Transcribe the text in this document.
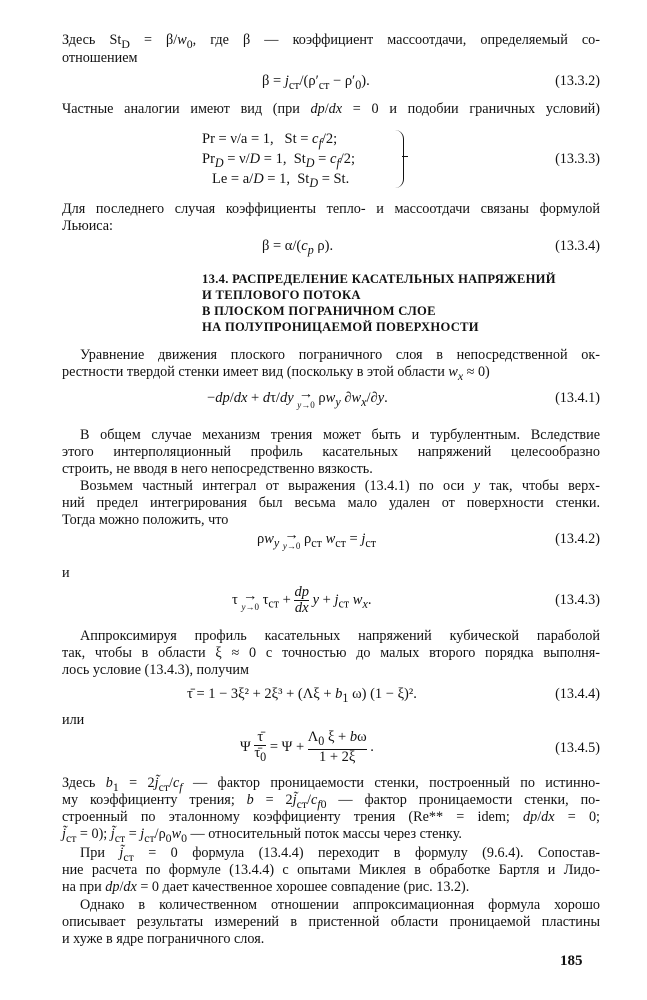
Здесь $St_D = \beta/w_0$, где β — коэффициент массоотдачи, определяемый со-
отношением
$\beta = j_{ст}/(\rho'_{ст} - \rho'_0)$.	(13.3.2)
Частные аналогии имеют вид (при dp/dx = 0 и подобии граничных условий)
Pr = ν/a = 1,   $St = c_f/2$;
$Pr_D = \nu/D = 1$,  $St_D = c_f/2$;
Le = a/D = 1,  $St_D = St$.
(13.3.3)
Для последнего случая коэффициенты тепло- и массоотдачи связаны формулой
Льюиса:
$\beta = \alpha/(c_p$ ρ).	(13.3.4)
13.4. РАСПРЕДЕЛЕНИЕ КАСАТЕЛЬНЫХ НАПРЯЖЕНИЙ
И ТЕПЛОВОГО ПОТОКА
В ПЛОСКОМ ПОГРАНИЧНОМ СЛОЕ
НА ПОЛУПРОНИЦАЕМОЙ ПОВЕРХНОСТИ
Уравнение движения плоского пограничного слоя в непосредственной ок-
рестности твердой стенки имеет вид (поскольку в этой области $w_x \approx 0$)
−dp/dx + dτ/dy →
y→0 $\rho w_y$ $\partial w_x/\partial y$.	(13.4.1)
В общем случае механизм трения может быть и турбулентным. Вследствие
этого интерполяционный профиль касательных напряжений целесообразно
строить, не вводя в него непосредственно вязкость.
Возьмем частный интеграл от выражения (13.4.1) по оси y так, чтобы верх-
ний предел интегрирования был весьма мало удален от поверхности стенки.
Тогда можно положить, что
$\rho w_y$ →
y→0 $\rho_{ст}$ $w_{ст} = j_{ст}$	(13.4.2)
и
τ →
y→0 $\tau_{ст} + \frac{dp}{dx}$ $y + j_{ст}$ $w_x$.	(13.4.3)
Аппроксимируя профиль касательных напряжений кубической параболой
так, чтобы в области ξ ≈ 0 с точностью до малых второго порядка выполня-
лось условие (13.4.3), получим
τ̄ = $1 - 3\xi^2 + 2\xi^3 + (\Lambda\xi + b_1$ ω) (1 − ξ)².	(13.4.4)
или
Ψ $\frac{\taū}{\taū_0} = \Psi + \frac{\Lambda_0 \xi + b\omega}{1 + 2\xi}$ .	(13.4.5)
Здесь $b_1$ = $2j̃_{ст}/c_f$ — фактор проницаемости стенки, построенный по истинно-
му коэффициенту трения; $b = 2j̃_{ст}/c_{f0}$ — фактор проницаемости стенки, по-
строенный по эталонному коэффициенту трения (Re** = idem; dp/dx = 0;
$j̃_{ст} = 0$); $j̃_{ст} = j_{ст}/\rho_0w_0$ — относительный поток массы через стенку.
При $j̃_{ст} = 0$ формула (13.4.4) переходит в формулу (9.6.4). Сопостав-
ние расчета по формуле (13.4.4) с опытами Миклея в обработке Бартля и Лидо-
на при dp/dx = 0 дает качественное хорошее совпадение (рис. 13.2).
Однако в количественном отношении аппроксимационная формула хорошо
описывает результаты измерений в пристенной области проницаемой пластины
и хуже в ядре пограничного слоя.
185
